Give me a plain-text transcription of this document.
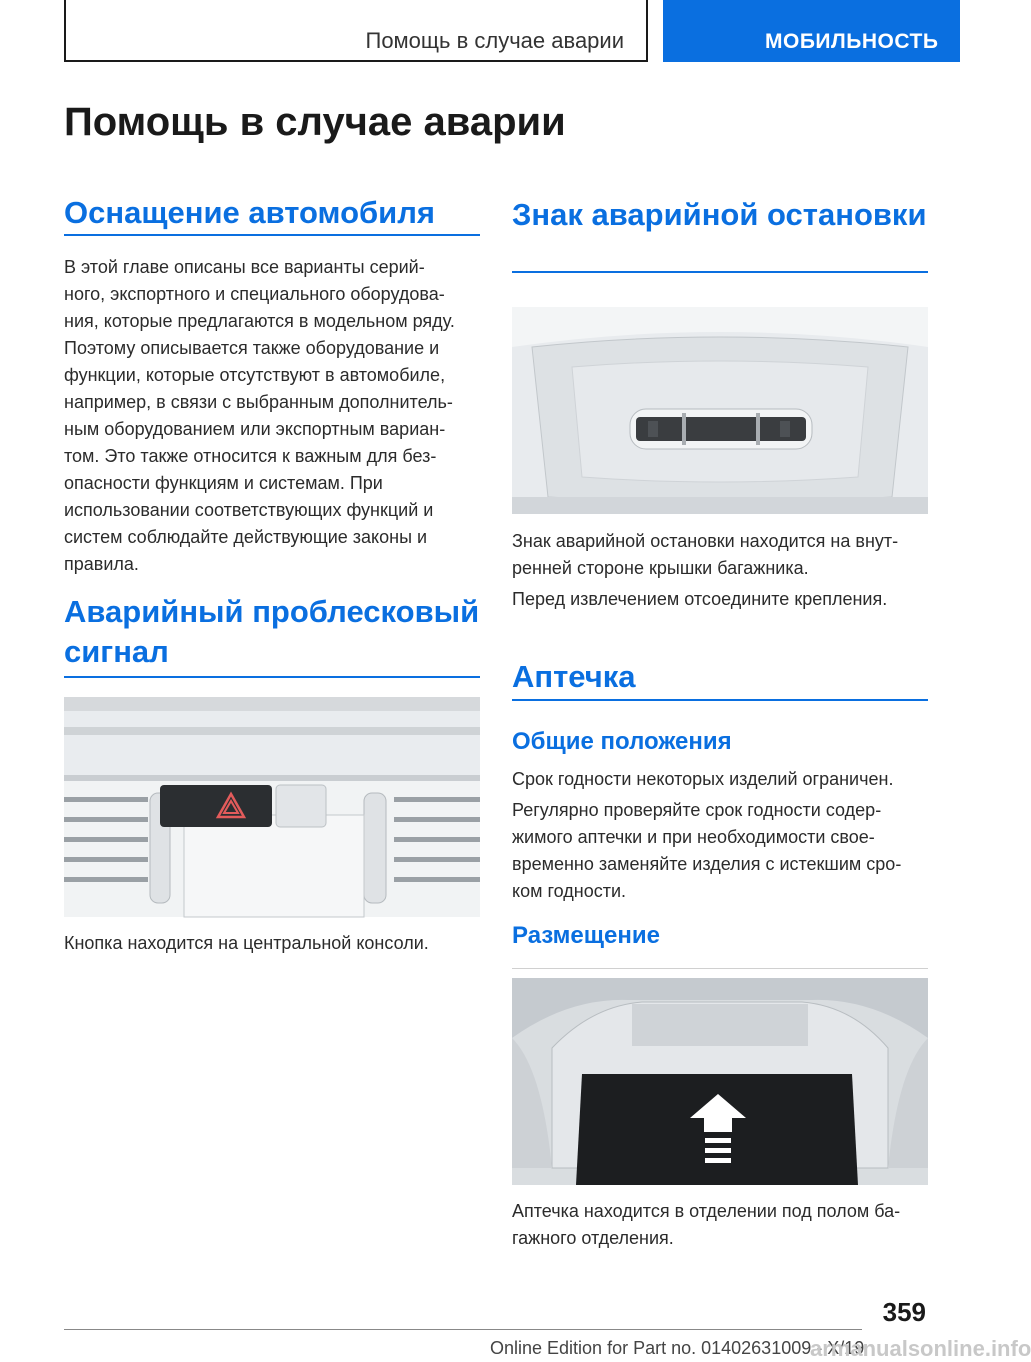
Помощь в случае аварии	МОБИЛЬНОСТЬ
Помощь в случае аварии
Оснащение автомобиля

В этой главе описаны все варианты серий-
ного, экспортного и специального оборудова-
ния, которые предлагаются в модельном ряду.
Поэтому описывается также оборудование и
функции, которые отсутствуют в автомобиле,
например, в связи с выбранным дополнитель-
ным оборудованием или экспортным вариан-
том. Это также относится к важным для без-
опасности функциям и системам. При
использовании соответствующих функций и
систем соблюдайте действующие законы и
правила.

Аварийный проблесковый сигнал

Кнопка находится на центральной консоли.

Знак аварийной остановки

Знак аварийной остановки находится на внут-
ренней стороне крышки багажника.

Перед извлечением отсоедините крепления.

Аптечка
Общие положения

Срок годности некоторых изделий ограничен.

Регулярно проверяйте срок годности содер-
жимого аптечки и при необходимости свое-
временно заменяйте изделия с истекшим сро-
ком годности.

Размещение

Аптечка находится в отделении под полом ба-
гажного отделения.

359
Online Edition for Part no. 01402631009 - X/19
armanualsonline.info
